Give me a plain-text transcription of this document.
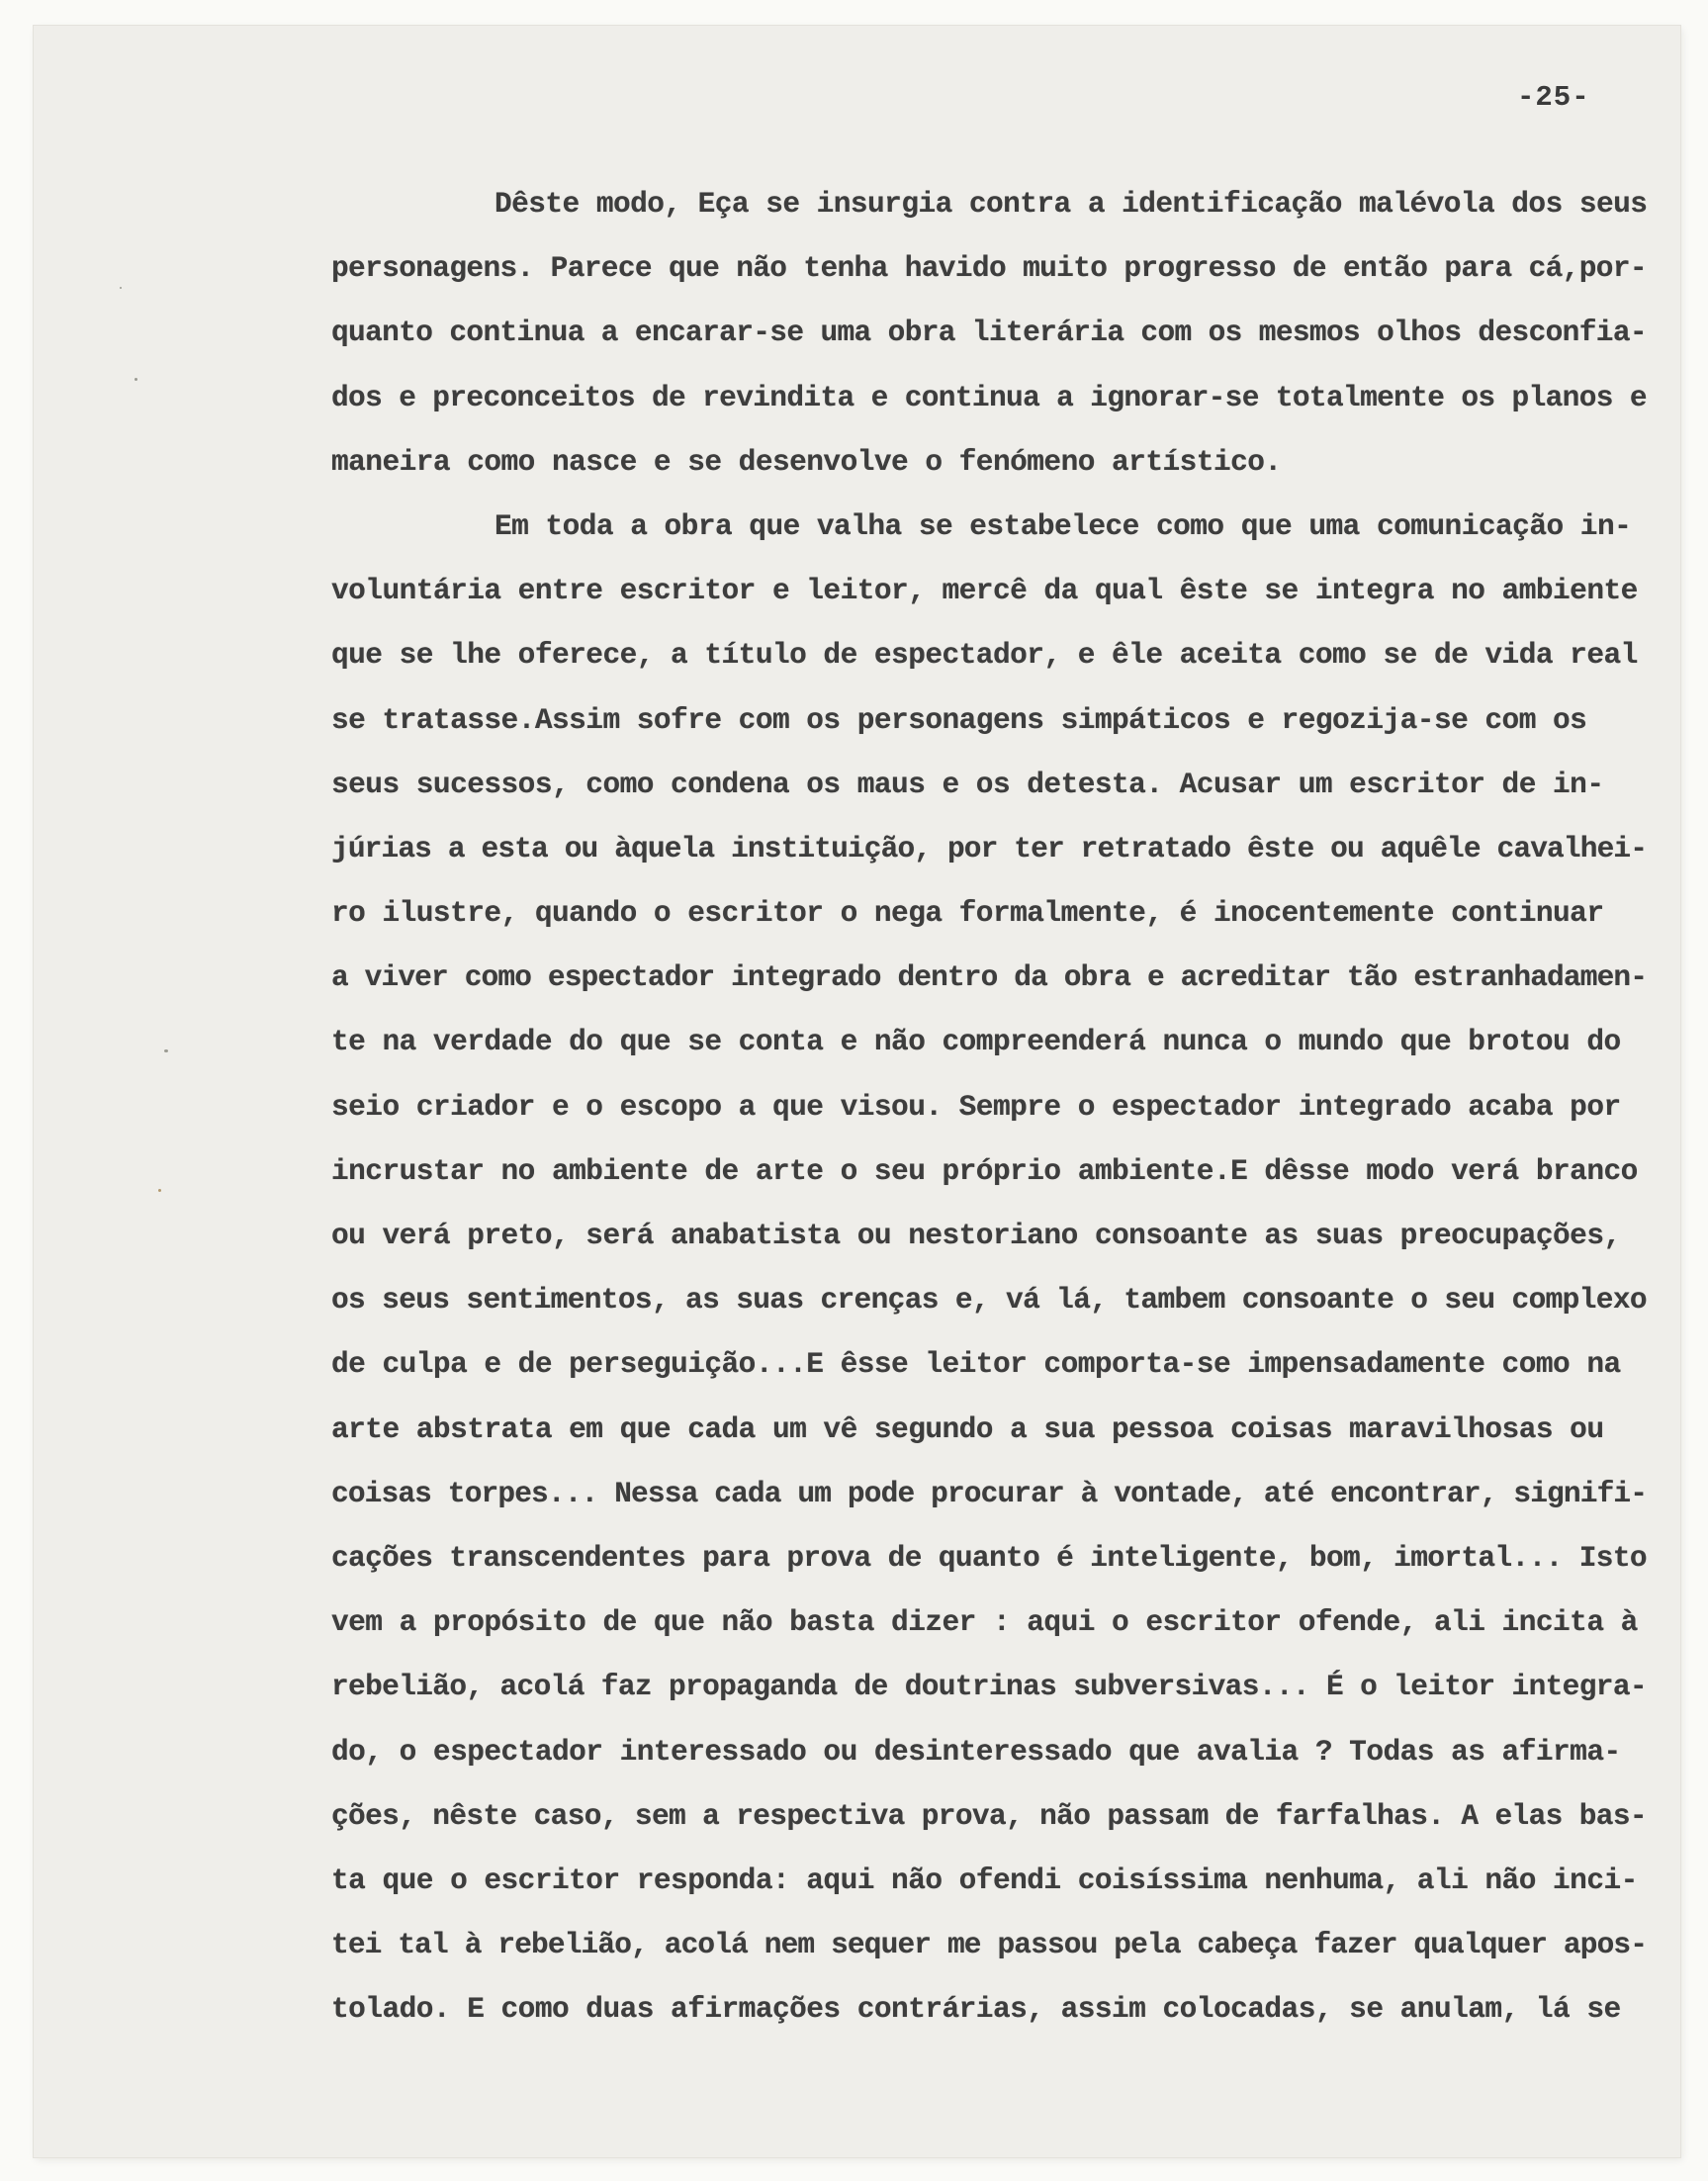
-25-
Dêste modo, Eça se insurgia contra a identificação malévola dos seus
personagens. Parece que não tenha havido muito progresso de então para cá,por-
quanto continua a encarar-se uma obra literária com os mesmos olhos desconfia-
dos e preconceitos de revindita e continua a ignorar-se totalmente os planos e
maneira como nasce e se desenvolve o fenómeno artístico.
Em toda a obra que valha se estabelece como que uma comunicação in-
voluntária entre escritor e leitor, mercê da qual êste se integra no ambiente
que se lhe oferece, a título de espectador, e êle aceita como se de vida real
se tratasse.Assim sofre com os personagens simpáticos e regozija-se com os
seus sucessos, como condena os maus e os detesta. Acusar um escritor de in-
júrias a esta ou àquela instituição, por ter retratado êste ou aquêle cavalhei-
ro ilustre, quando o escritor o nega formalmente, é inocentemente continuar
a viver como espectador integrado dentro da obra e acreditar tão estranhadamen-
te na verdade do que se conta e não compreenderá nunca o mundo que brotou do
seio criador e o escopo a que visou. Sempre o espectador integrado acaba por
incrustar no ambiente de arte o seu próprio ambiente.E dêsse modo verá branco
ou verá preto, será anabatista ou nestoriano consoante as suas preocupações,
os seus sentimentos, as suas crenças e, vá lá, tambem consoante o seu complexo
de culpa e de perseguição...E êsse leitor comporta-se impensadamente como na
arte abstrata em que cada um vê segundo a sua pessoa coisas maravilhosas ou
coisas torpes... Nessa cada um pode procurar à vontade, até encontrar, signifi-
cações transcendentes para prova de quanto é inteligente, bom, imortal... Isto
vem a propósito de que não basta dizer : aqui o escritor ofende, ali incita à
rebelião, acolá faz propaganda de doutrinas subversivas... É o leitor integra-
do, o espectador interessado ou desinteressado que avalia ? Todas as afirma-
ções, nêste caso, sem a respectiva prova, não passam de farfalhas. A elas bas-
ta que o escritor responda: aqui não ofendi coisíssima nenhuma, ali não inci-
tei tal à rebelião, acolá nem sequer me passou pela cabeça fazer qualquer apos-
tolado. E como duas afirmações contrárias, assim colocadas, se anulam, lá se
